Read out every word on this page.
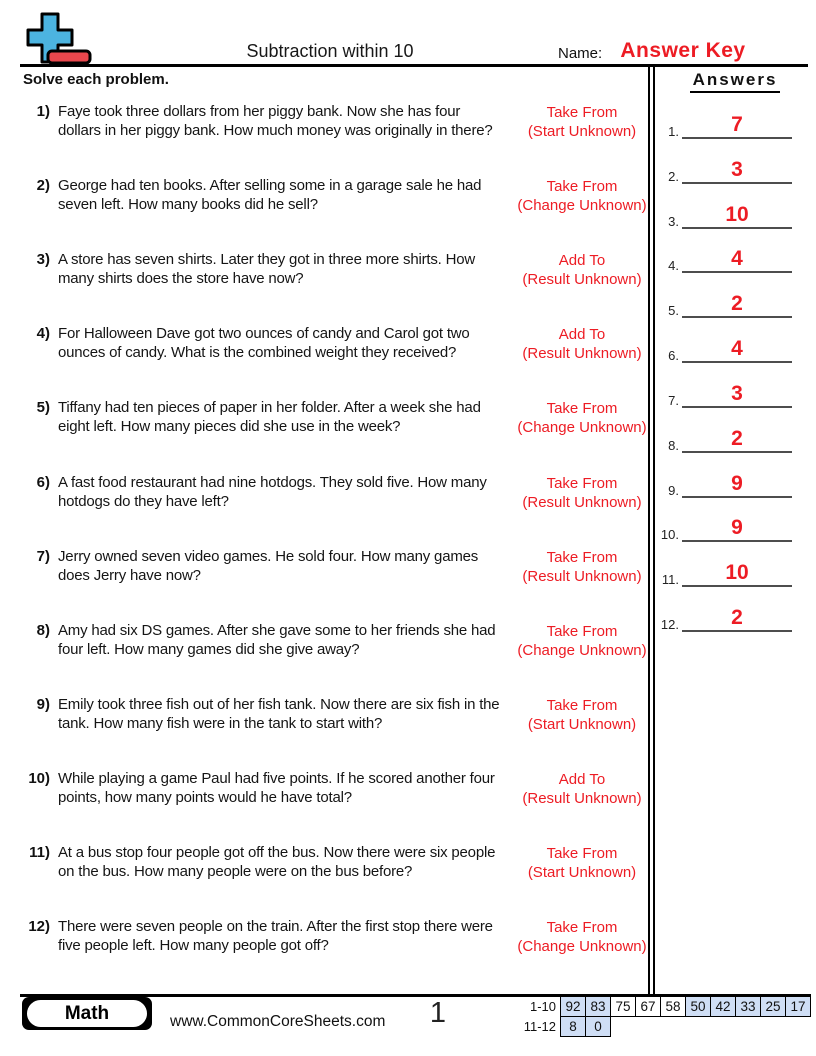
Subtraction within 10	Name: Answer Key
Solve each problem.	Answers
1.	7
2.	3
3.	10
4.	4
5.	2
6.	4
7.	3
8.	2
9.	9
10.	9
11.	10
12.	2
1) Faye took three dollars from her piggy bank. Now she has four dollars in her piggy bank. How much money was originally in there?
Take From
(Start Unknown)
2) George had ten books. After selling some in a garage sale he had seven left. How many books did he sell?
Take From
(Change Unknown)
3) A store has seven shirts. Later they got in three more shirts. How many shirts does the store have now?
Add To
(Result Unknown)
4) For Halloween Dave got two ounces of candy and Carol got two ounces of candy. What is the combined weight they received?
Add To
(Result Unknown)
5) Tiffany had ten pieces of paper in her folder. After a week she had eight left. How many pieces did she use in the week?
Take From
(Change Unknown)
6) A fast food restaurant had nine hotdogs. They sold five. How many hotdogs do they have left?
Take From
(Result Unknown)
7) Jerry owned seven video games. He sold four. How many games does Jerry have now?
Take From
(Result Unknown)
8) Amy had six DS games. After she gave some to her friends she had four left. How many games did she give away?
Take From
(Change Unknown)
9) Emily took three fish out of her fish tank. Now there are six fish in the tank. How many fish were in the tank to start with?
Take From
(Start Unknown)
10) While playing a game Paul had five points. If he scored another four points, how many points would he have total?
Add To
(Result Unknown)
11) At a bus stop four people got off the bus. Now there were six people on the bus. How many people were on the bus before?
Take From
(Start Unknown)
12) There were seven people on the train. After the first stop there were five people left. How many people got off?
Take From
(Change Unknown)
Math	www.CommonCoreSheets.com	1	1-10 92 83 75 67 58 50 42 33 25 17
11-12 8	0
